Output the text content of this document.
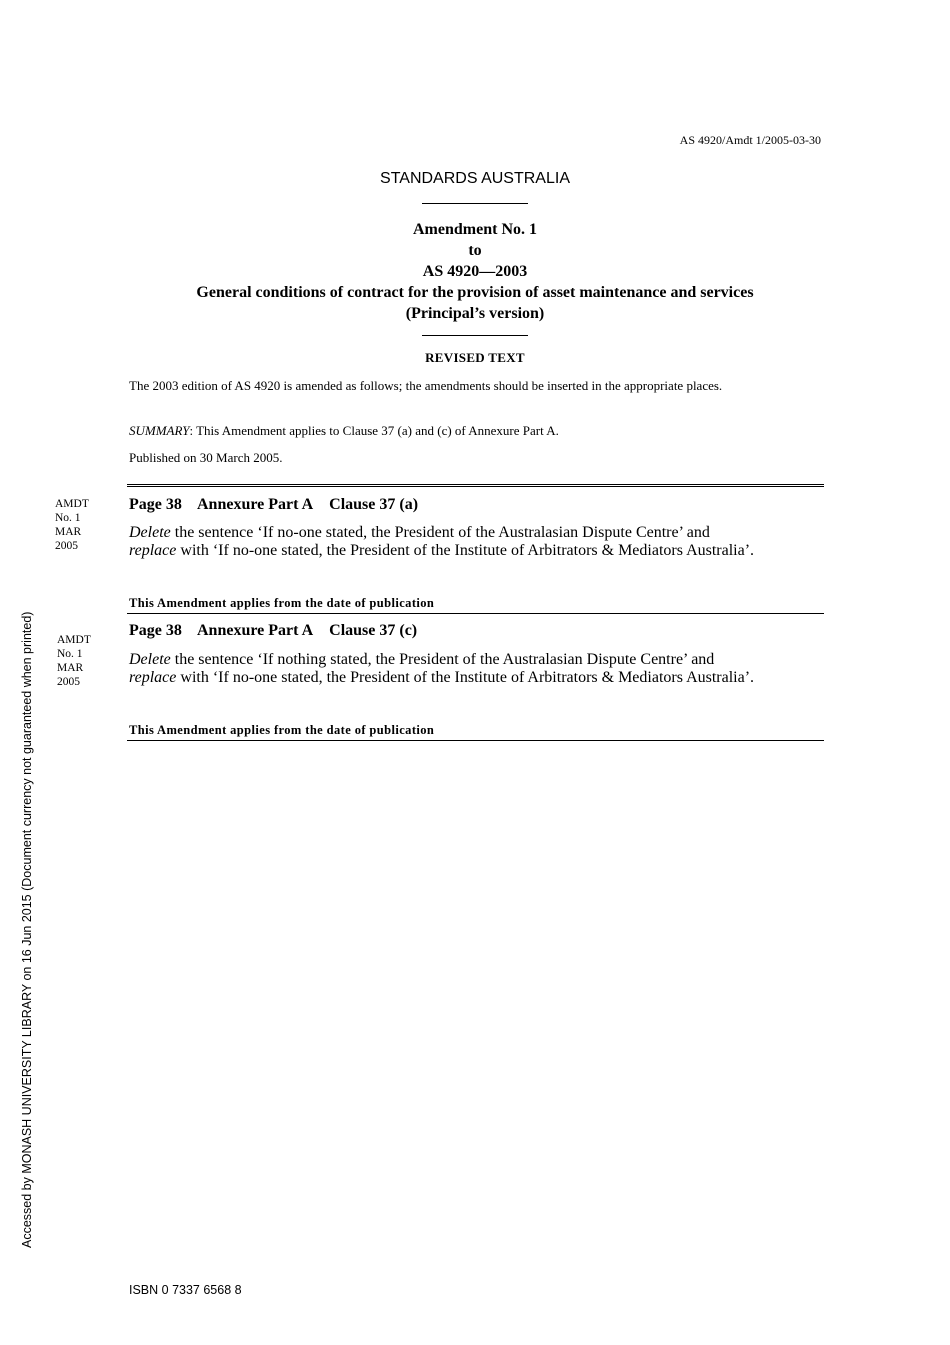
AS 4920/Amdt 1/2005-03-30
STANDARDS AUSTRALIA
Amendment No. 1
to
AS 4920—2003
General conditions of contract for the provision of asset maintenance and services
(Principal’s version)
REVISED TEXT
The 2003 edition of AS 4920 is amended as follows; the amendments should be inserted in the appropriate places.
SUMMARY: This Amendment applies to Clause 37 (a) and (c) of Annexure Part A.
Published on 30 March 2005.
AMDT
No. 1
MAR
2005
Page 38 Annexure Part A Clause 37 (a)
Delete the sentence ‘If no-one stated, the President of the Australasian Dispute Centre’ and
replace with ‘If no-one stated, the President of the Institute of Arbitrators & Mediators Australia’.
This Amendment applies from the date of publication
AMDT
No. 1
MAR
2005
Page 38 Annexure Part A Clause 37 (c)
Delete the sentence ‘If nothing stated, the President of the Australasian Dispute Centre’ and
replace with ‘If no-one stated, the President of the Institute of Arbitrators & Mediators Australia’.
This Amendment applies from the date of publication
Accessed by MONASH UNIVERSITY LIBRARY on 16 Jun 2015 (Document currency not guaranteed when printed)
ISBN 0 7337 6568 8
